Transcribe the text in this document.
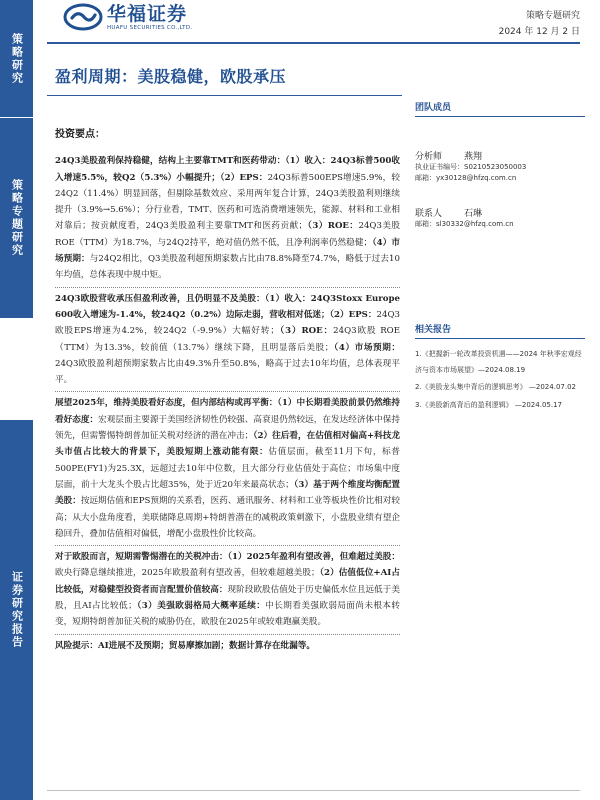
策略研究
策略专题研究
证券研究报告
华福证券
HUAFU SECURITIES CO.,LTD.
策略专题研究
2024 年 12 月 2 日
盈利周期：美股稳健，欧股承压

投资要点：

24Q3美股盈利保持稳健，结构上主要靠TMT和医药带动：（1）收入：24Q3标普500收入增速5.5%，较Q2（5.3%）小幅提升；（2）EPS：24Q3标普500EPS增速5.9%，较24Q2（11.4%）明显回落，但剔除基数效应、采用两年复合计算，24Q3美股盈利则继续提升（3.9%→5.6%）；分行业看，TMT、医药和可选消费增速领先，能源、材料和工业相对靠后；按贡献度看，24Q3美股盈利主要靠TMT和医药贡献；（3）ROE：24Q3美股ROE（TTM）为18.7%，与24Q2持平，绝对值仍然不低，且净利润率仍然稳健；（4）市场预期：与24Q2相比，Q3美股盈利超预期家数占比由78.8%降至74.7%，略低于过去10年均值，总体表现中规中矩。

24Q3欧股营收承压但盈利改善，且仍明显不及美股：（1）收入：24Q3Stoxx Europe 600收入增速为-1.4%，较24Q2（0.2%）边际走弱，营收相对低迷；（2）EPS：24Q3欧股EPS增速为4.2%，较24Q2（-9.9%）大幅好转；（3）ROE：24Q3欧股 ROE（TTM）为13.3%，较前值（13.7%）继续下降，且明显落后美股；（4）市场预期：24Q3欧股盈利超预期家数占比由49.3%升至50.8%，略高于过去10年均值，总体表现平平。

展望2025年，维持美股看好态度，但内部结构或再平衡：（1）中长期看美股前景仍然维持看好态度：宏观层面主要源于美国经济韧性仍较强、高衰退仍然较远，在发达经济体中保持领先，但需警惕特朗普加征关税对经济的潜在冲击；（2）往后看，在估值相对偏高+科技龙头市值占比较大的背景下，美股短期上涨动能有限：估值层面，截至11月下旬，标普500PE(FY1)为25.3X，远超过去10年中位数，且大部分行业估值处于高位；市场集中度层面，前十大龙头个股占比超35%，处于近20年来最高状态；（3）基于两个维度均衡配置美股：按远期估值和EPS预期的关系看，医药、通讯服务、材料和工业等板块性价比相对较高；从大小盘角度看，美联储降息周期+特朗普潜在的减税政策刺激下，小盘股业绩有望企稳回升，叠加估值相对偏低，增配小盘股性价比较高。

对于欧股而言，短期需警惕潜在的关税冲击：（1）2025年盈利有望改善，但难超过美股：欧央行降息继续推进，2025年欧股盈利有望改善，但较难超越美股；（2）估值低位+AI占比较低，对稳健型投资者而言配置价值较高：现阶段欧股估值处于历史偏低水位且远低于美股，且AI占比较低；（3）美强欧弱格局大概率延续：中长期看美强欧弱局面尚未根本转变，短期特朗普加征关税的威胁仍在，欧股在2025年或较难跑赢美股。

风险提示：AI进展不及预期；贸易摩擦加剧；数据计算存在纰漏等。

团队成员
分析师 燕翔
执业证书编号：S0210523050003
邮箱：yx30128@hfzq.com.cn
联系人 石琳
邮箱：sl30332@hfzq.com.cn
相关报告

1.《把握新一轮改革投资机遇——2024 年秋季宏观经济与资本市场展望》—2024.08.19

2.《美股龙头集中背后的逻辑思考》 —2024.07.02

3.《美股新高背后的盈利逻辑》 —2024.05.17
